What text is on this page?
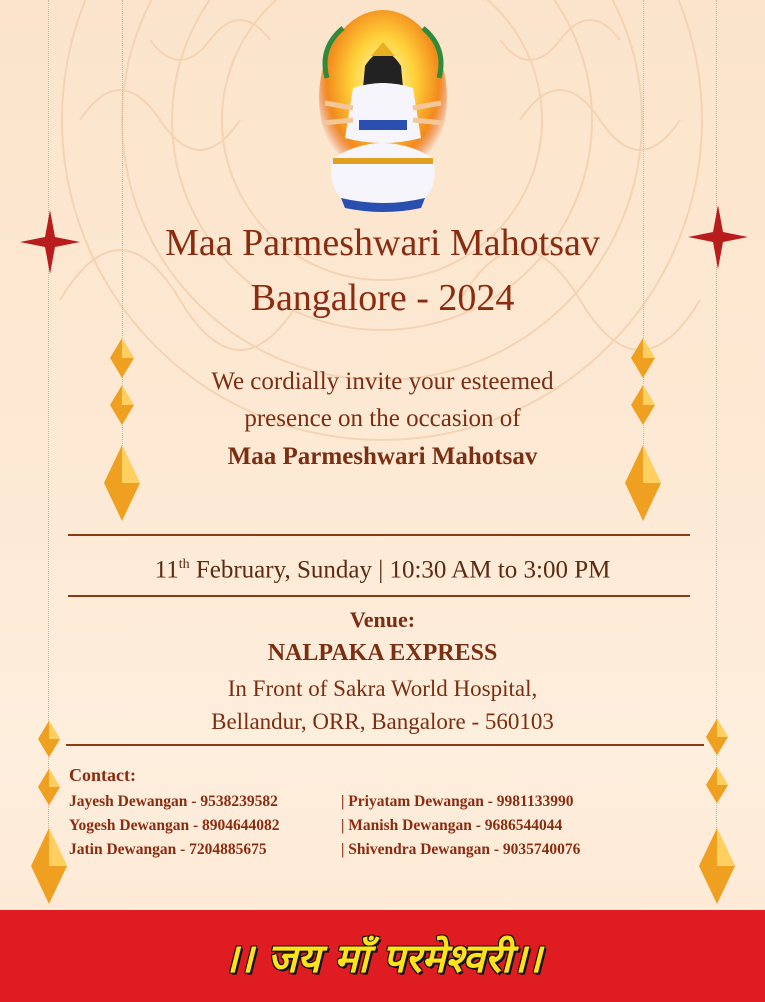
Maa Parmeshwari Mahotsav
Bangalore - 2024
We cordially invite your esteemed
presence on the occasion of
Maa Parmeshwari Mahotsav
11th February, Sunday | 10:30 AM to 3:00 PM
Venue:
NALPAKA EXPRESS
In Front of Sakra World Hospital,
Bellandur, ORR, Bangalore - 560103
Contact:
Jayesh Dewangan - 9538239582	| Priyatam Dewangan - 9981133990
Yogesh Dewangan - 8904644082	| Manish Dewangan - 9686544044
Jatin Dewangan - 7204885675	| Shivendra Dewangan - 9035740076
।। जय माँ परमेश्वरी।।
